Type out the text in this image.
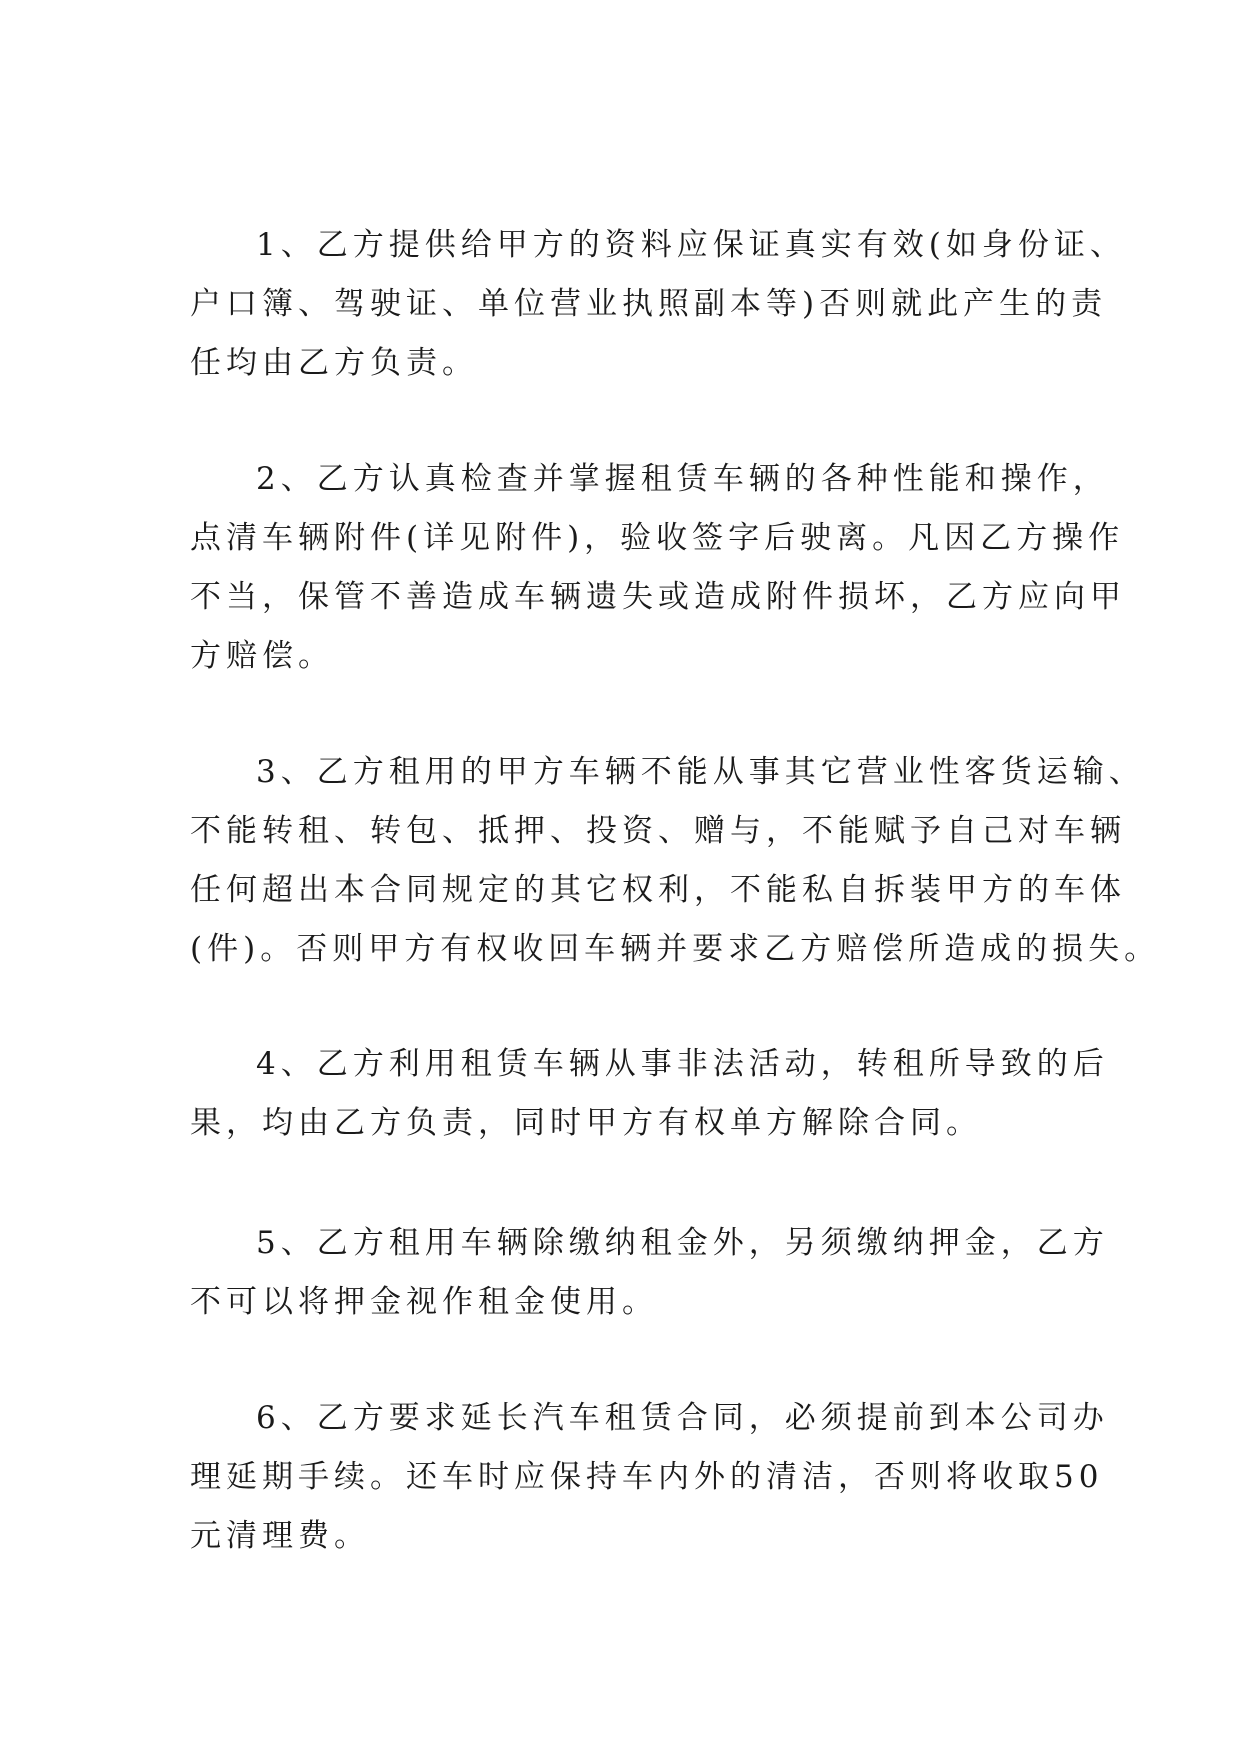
1、乙方提供给甲方的资料应保证真实有效(如身份证、
户口簿、驾驶证、单位营业执照副本等)否则就此产生的责
任均由乙方负责。
2、乙方认真检查并掌握租赁车辆的各种性能和操作，
点清车辆附件(详见附件)，验收签字后驶离。凡因乙方操作
不当，保管不善造成车辆遗失或造成附件损坏，乙方应向甲
方赔偿。
3、乙方租用的甲方车辆不能从事其它营业性客货运输、
不能转租、转包、抵押、投资、赠与，不能赋予自己对车辆
任何超出本合同规定的其它权利，不能私自拆装甲方的车体
(件)。否则甲方有权收回车辆并要求乙方赔偿所造成的损失。
4、乙方利用租赁车辆从事非法活动，转租所导致的后
果，均由乙方负责，同时甲方有权单方解除合同。
5、乙方租用车辆除缴纳租金外，另须缴纳押金，乙方
不可以将押金视作租金使用。
6、乙方要求延长汽车租赁合同，必须提前到本公司办
理延期手续。还车时应保持车内外的清洁，否则将收取50
元清理费。
